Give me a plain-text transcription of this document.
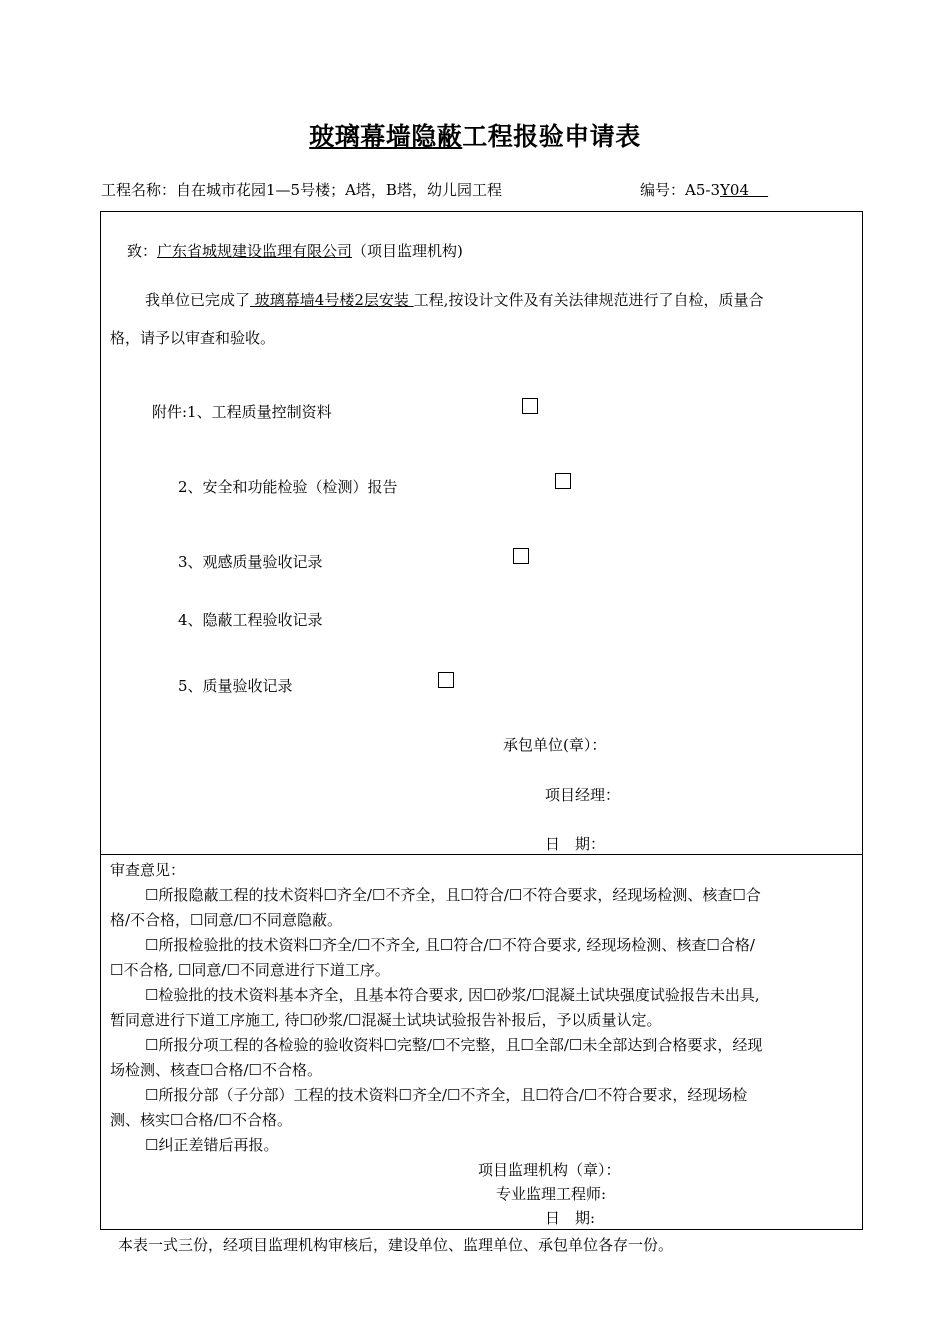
玻璃幕墙隐蔽工程报验申请表
工程名称：自在城市花园1—5号楼；A塔，B塔，幼儿园工程	编号：A5-3Y04
致：广东省城规建设监理有限公司（项目监理机构)
我单位已完成了 玻璃幕墙4号楼2层安装 工程,按设计文件及有关法律规范进行了自检，质量合
格，请予以审查和验收。
附件:1、工程质量控制资料
2、安全和功能检验（检测）报告
3、观感质量验收记录
4、隐蔽工程验收记录
5、质量验收记录
承包单位(章）：
项目经理：
日　期：
审查意见：
☐所报隐蔽工程的技术资料☐齐全/☐不齐全，且☐符合/☐不符合要求，经现场检测、核查☐合
格/不合格，☐同意/☐不同意隐蔽。
☐所报检验批的技术资料☐齐全/☐不齐全, 且☐符合/☐不符合要求, 经现场检测、核查☐合格/
☐不合格, ☐同意/☐不同意进行下道工序。
☐检验批的技术资料基本齐全，且基本符合要求, 因☐砂浆/☐混凝土试块强度试验报告未出具,
暂同意进行下道工序施工, 待☐砂浆/☐混凝土试块试验报告补报后，予以质量认定。
☐所报分项工程的各检验的验收资料☐完整/☐不完整，且☐全部/☐未全部达到合格要求，经现
场检测、核查☐合格/☐不合格。
☐所报分部（子分部）工程的技术资料☐齐全/☐不齐全，且☐符合/☐不符合要求，经现场检
测、核实☐合格/☐不合格。
☐纠正差错后再报。
项目监理机构（章）：
专业监理工程师:
日　期:
本表一式三份，经项目监理机构审核后，建设单位、监理单位、承包单位各存一份。
